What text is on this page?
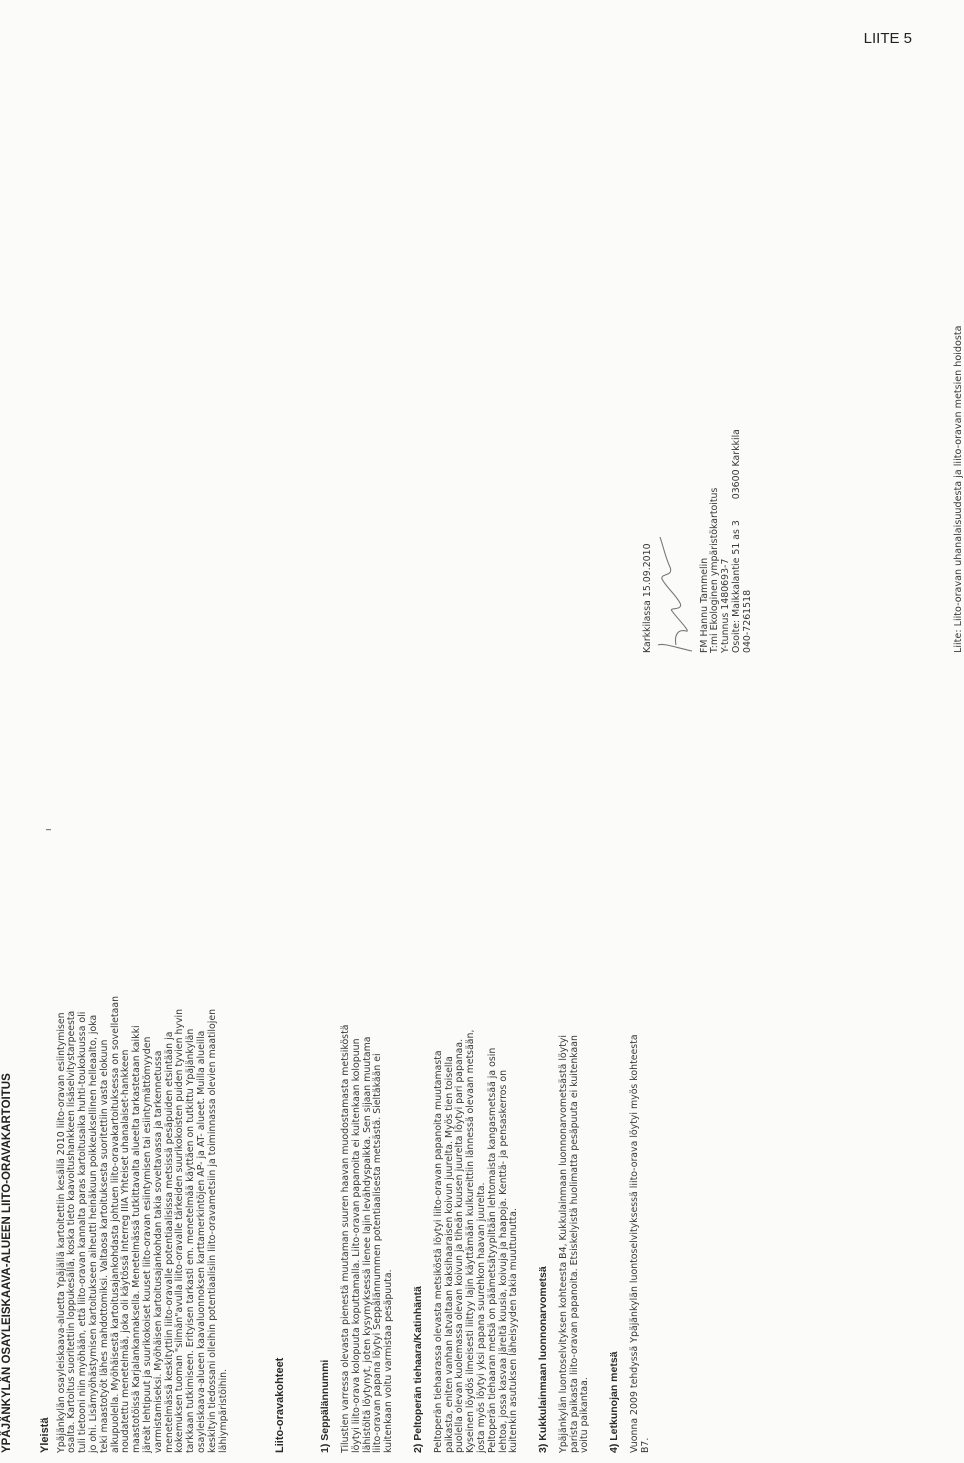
LIITE 5
ı
YPÄJÄNKYLÄN OSAYLEISKAAVA-ALUEEN LIITO-ORAVAKARTOITUS Yleistä Ypäjänkylän osayleiskaava-aluetta Ypäjällä kartoitettiin kesällä 2010 liito-oravan esiintymisen osalta. Kartoitus suoritettiin loppukesällä, koska tieto kaavoitushankkeen lisäselvitystarpeesta tuli tietooni niin myöhään, että liito-oravan kannalta paras kartoitusaika huhti-toukokuussa oli jo ohi. Lisämyöhästymisen kartoitukseen aiheutti heinäkuun poikkeuksellinen helleaalto, joka teki maastotyöt lähes mahdottomiksi. Valtaosa kartoituksesta suoritettiin vasta elokuun alkupuolella. Myöhäisestä kartoitusajankohdasta johtuen liito-oravakartoituksessa on sovelletaan noudatettu menetelmää, joka oli käytössä Interreg IIIA Yhteiset uhanalaiset-hankkeen maastotöissä Karjalankannaksella. Menetelmässä tutkittavalta alueelta tarkastetaan kaikki järeät lehtipuut ja suurikokoiset kuuset liito-oravan esiintymisen tai esiintymättömyyden varmistamiseksi. Myöhäisen kartoitusajankohdan takia soveltavassa ja tarkennetussa menetelmässä keskityttiin liito-oravalle potentiaalisissa metsissä pesäpuiden etsintään ja kokemuksen tuoman "silmän"avulla liito-oravalle tärkeiden suurikokoisten puiden tyvien hyvin tarkkaan tutkimiseen. Erityisen tarkasti em. menetelmää käyttäen on tutkittu Ypäjänkylän osayleiskaava-alueen kaavaluonnoksen karttamerkintöjen AP- ja AT- alueet. Muilla alueilla keskityin tiedossani olleihin potentiaalisiin liito-oravametsiin ja toiminnassa olevien maatilojen lähiympäristöihin.	Liito-oravakohteet	1) Seppälännummi Tilustien varressa olevasta pienestä muutaman suuren haavan muodostamasta metsiköstä löytyi liito-orava kolopuuta koputtamalla. Liito-oravan papanoita ei kuitenkaan kolopuun lähistöltä löytynyt, joten kysymyksessä lienee lajin levähdyspaikka. Sen sijaan muutama liito-oravan papana löytyi Seppälännummen potentiaalisesta metsästä. Sieltäkään ei kuitenkaan voitu varmistaa pesäpuuta. 2) Peltoperän tiehaara/Katinhäntä Peltoperän tiehaarassa olevasta metsiköstä löytyi liito-oravan papanoita muutamasta paikasta, eniten vanhan latvaltaan kaksihaaraisen koivun juurelta. Myös tien toisella puolella olevan kuolemassa olevan koivun ja tiheän kuusen juurelta löytyi pari papanaa. Kyseinen löydös ilmeisesti liittyy lajin käyttämään kulkureittiin lännessä olevaan metsään, josta myös löytyi yksi papana suurehkon haavan juurelta. Peltoperän tiehaaran metsä on päämetsätyypiltään lehtomaista kangasmetsää ja osin lehtoa, jossa kasvaa järeitä kuusia, koivuja ja haapoja. Kenttä- ja pensaskerros on kuitenkin asutuksen läheisyyden takia muuttunutta. 3) Kukkulainmaan luonnonarvometsä Ypäjänkylän luontoselvityksen kohteesta B4, Kukkulainmaan luonnonarvometsästä löytyi parista paikasta liito-oravan papanoita. Etsiskelyistä huolimatta pesäpuuta ei kuitenkaan voitu paikantaa. 4) Letkunojan metsä Vuonna 2009 tehdyssä Ypäjänkylän luontoselvityksessä liito-orava löytyi myös kohteesta B7.
Karkkilassa 15.09.2010	FM Hannu Tammelin T:mi Ekologinen ympäristökartoitus Y-tunnus 1480693-7 Osoite: Maikkalantie 51 as 3       03600 Karkkila 040-7261518	Liite: Liito-oravan uhanalaisuudesta ja liito-oravan metsien hoidosta
